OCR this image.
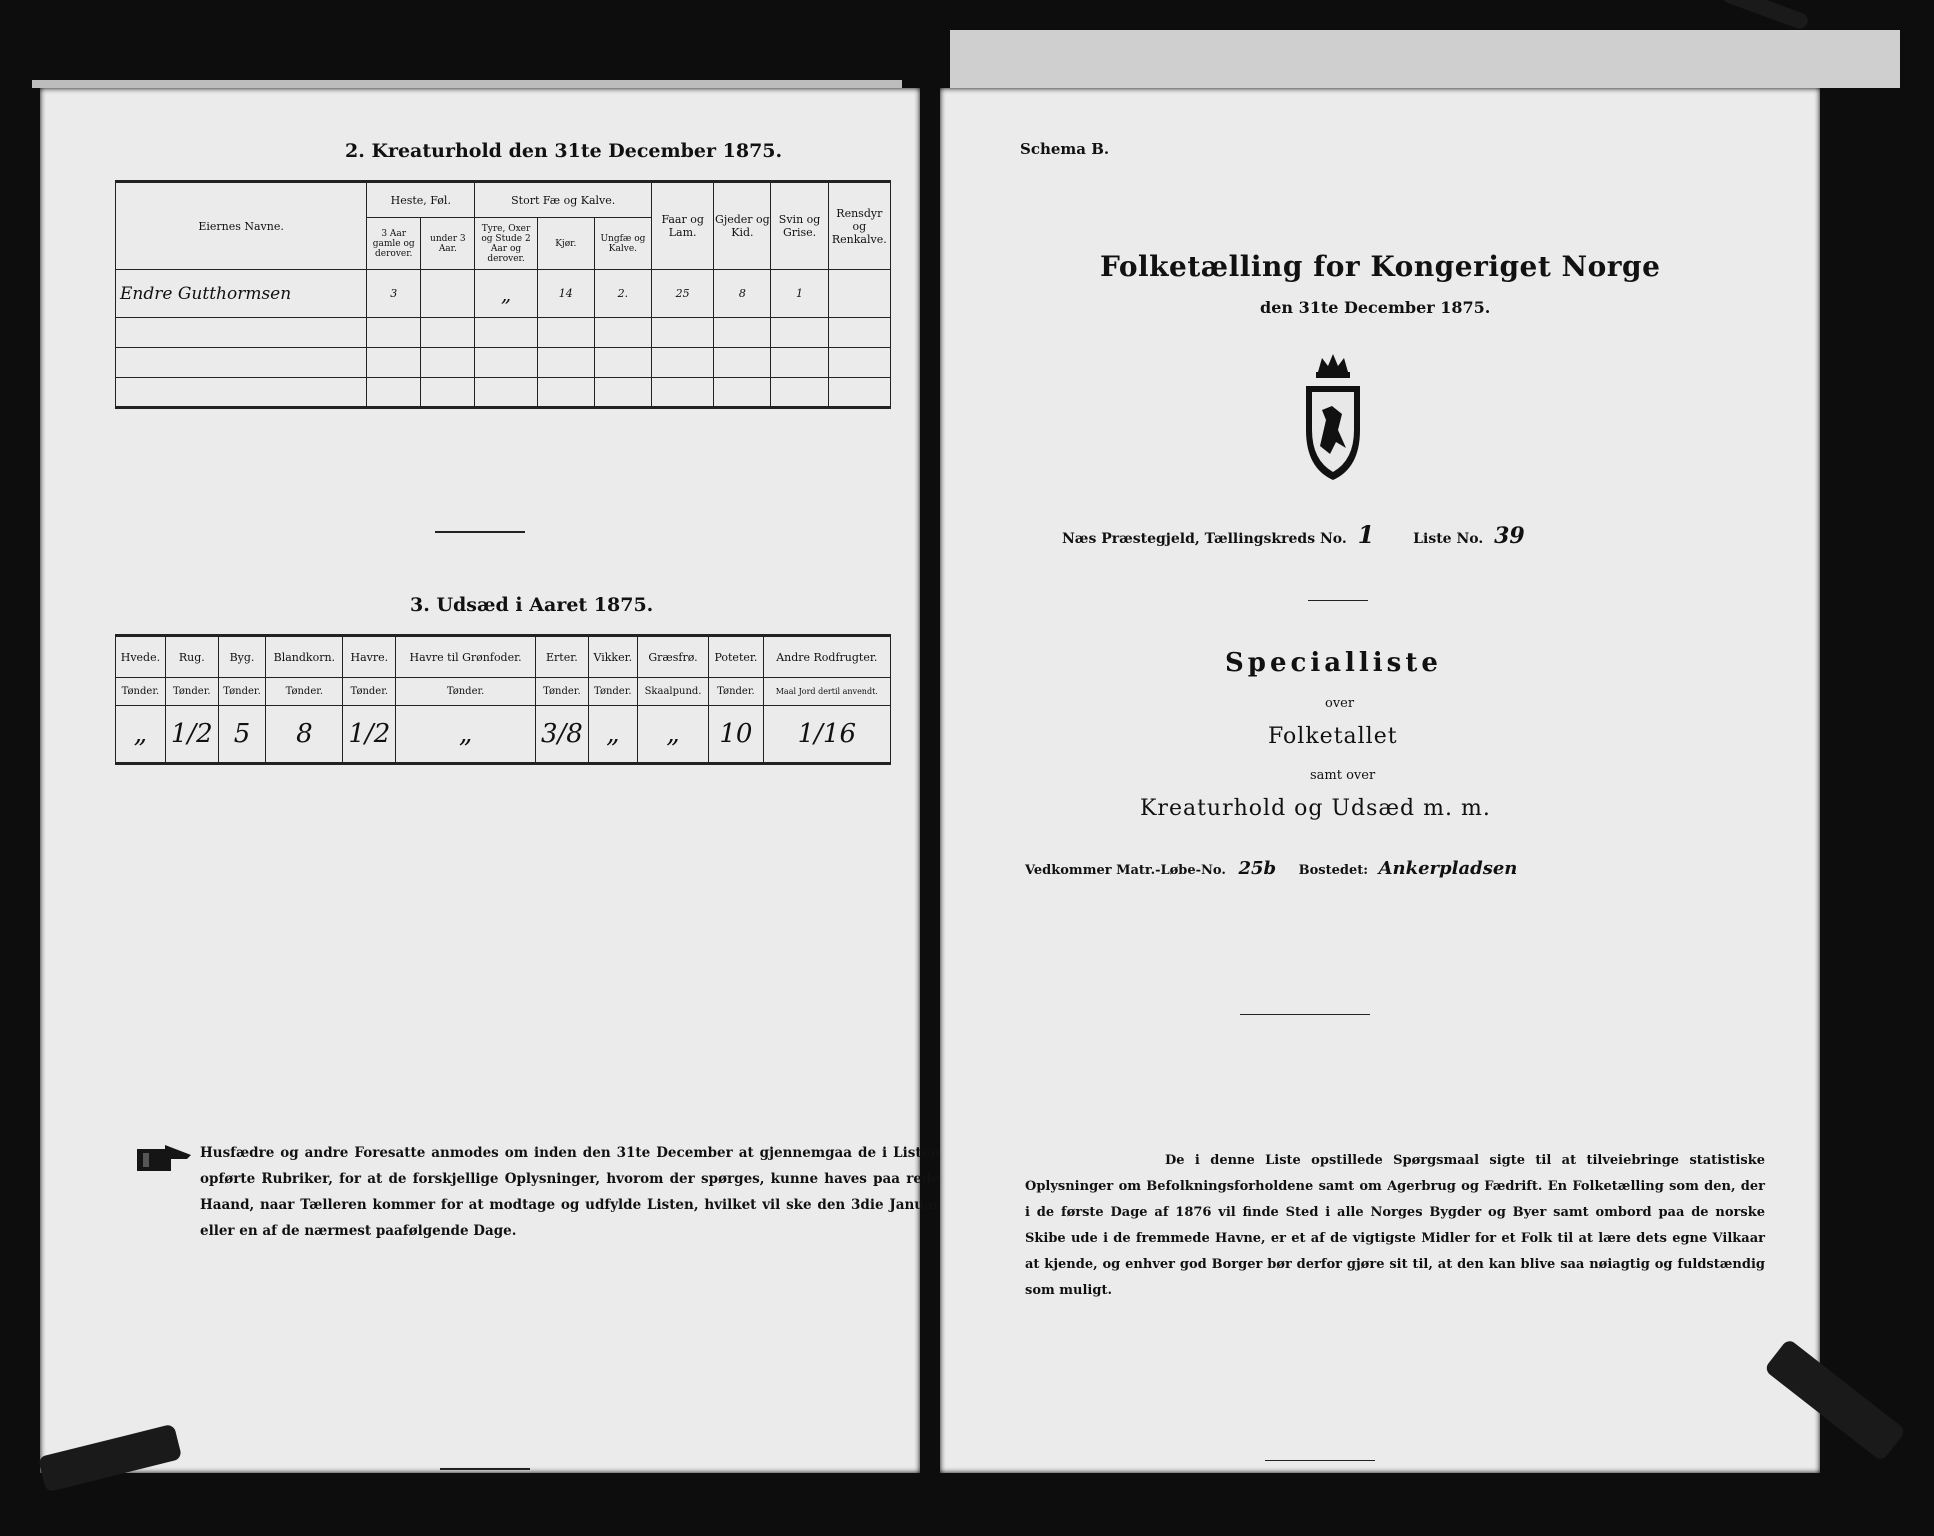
2. Kreaturhold den 31te December 1875.
Eiernes Navne.	Heste, Føl.		Stort Fæ og Kalve.			Faar og Lam.	Gjeder og Kid.	Svin og Grise.	Rensdyr og Renkalve.
	3 Aar gamle og derover.	under 3 Aar.	Tyre, Oxer og Stude 2 Aar og derover.	Kjør.	Ungfæ og Kalve.				
Endre Gutthormsen	3		„	14	2.	25	8	1	

3. Udsæd i Aaret 1875.
Hvede.	Rug.	Byg.	Blandkorn.	Havre.	Havre til Grønfoder.	Erter.	Vikker.	Græsfrø.	Poteter.	Andre Rodfrugter.
Tønder.	Tønder.	Tønder.	Tønder.	Tønder.	Tønder.	Tønder.	Tønder.	Skaalpund.	Tønder.	Maal Jord dertil anvendt.
„	1/2	5	8	1/2	„	3/8	„	„	10	1/16
Husfædre og andre Foresatte anmodes om inden den 31te December at gjennemgaa de i Listen opførte Rubriker, for at de forskjellige Oplysninger, hvorom der spørges, kunne haves paa rede Haand, naar Tælleren kommer for at modtage og udfylde Listen, hvilket vil ske den 3die Januar eller en af de nærmest paafølgende Dage.
Schema B.
Folketælling for Kongeriget Norge
den 31te December 1875.
Næs Præstegjeld, Tællingskreds No. 1	Liste No. 39
Specialliste
over
Folketallet
samt over
Kreaturhold og Udsæd m. m.
Vedkommer Matr.-Løbe-No. 25b Bostedet: Ankerpladsen
De i denne Liste opstillede Spørgsmaal sigte til at tilveiebringe statistiske Oplysninger om Befolkningsforholdene samt om Agerbrug og Fædrift. En Folketælling som den, der i de første Dage af 1876 vil finde Sted i alle Norges Bygder og Byer samt ombord paa de norske Skibe ude i de fremmede Havne, er et af de vigtigste Midler for et Folk til at lære dets egne Vilkaar at kjende, og enhver god Borger bør derfor gjøre sit til, at den kan blive saa nøiagtig og fuldstændig som muligt.
